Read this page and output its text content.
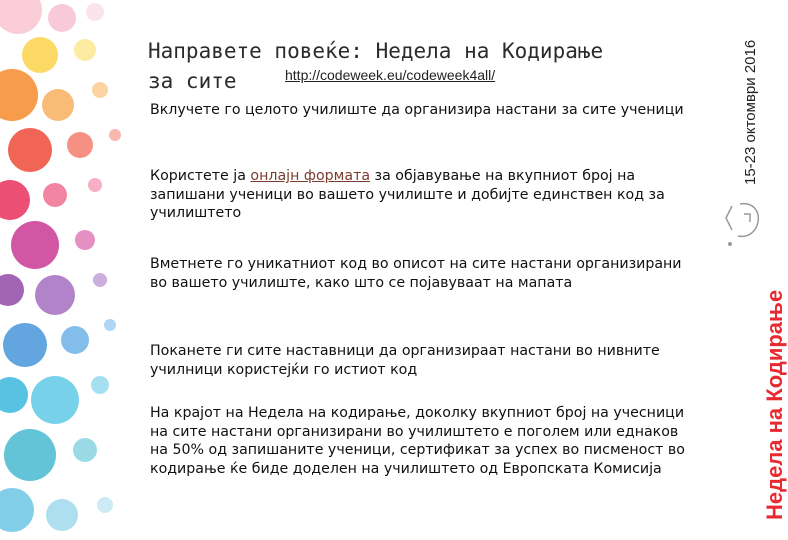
Направете повеќе: Недела на Кодирање
за сите	http://codeweek.eu/codeweek4all/

Вклучете го целото училиште да организира настани за сите ученици

Користете ја онлајн формата за објавување на вкупниот број на запишани ученици во вашето училиште и добијте единствен код за училиштето

Вметнете го уникатниот код во описот на сите настани организирани во вашето училиште, како што се појавуваат на мапата

Поканете ги сите наставници да организираат настани во нивните училници користејќи го истиот код

На крајот на Недела на кодирање, доколку вкупниот број на учесници на сите настани организирани во училиштето е поголем или еднаков на 50% од запишаните ученици, сертификат за успех во писменост во кодирање ќе биде доделен на училиштето од Европската Комисија

15-23 октомври 2016
Недела на Кодирање
